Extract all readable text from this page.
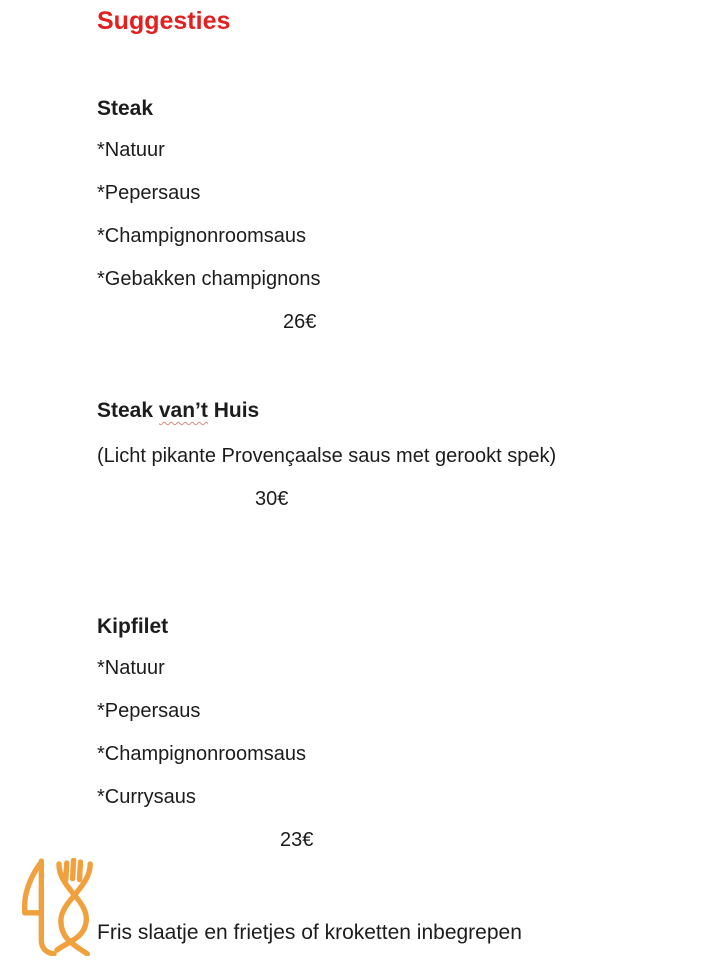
Suggesties
Steak
*Natuur
*Pepersaus
*Champignonroomsaus
*Gebakken champignons
26€
Steak van’t Huis
(Licht pikante Provençaalse saus met gerookt spek)
30€
Kipfilet
*Natuur
*Pepersaus
*Champignonroomsaus
*Currysaus
23€
Fris slaatje en frietjes of kroketten inbegrepen
